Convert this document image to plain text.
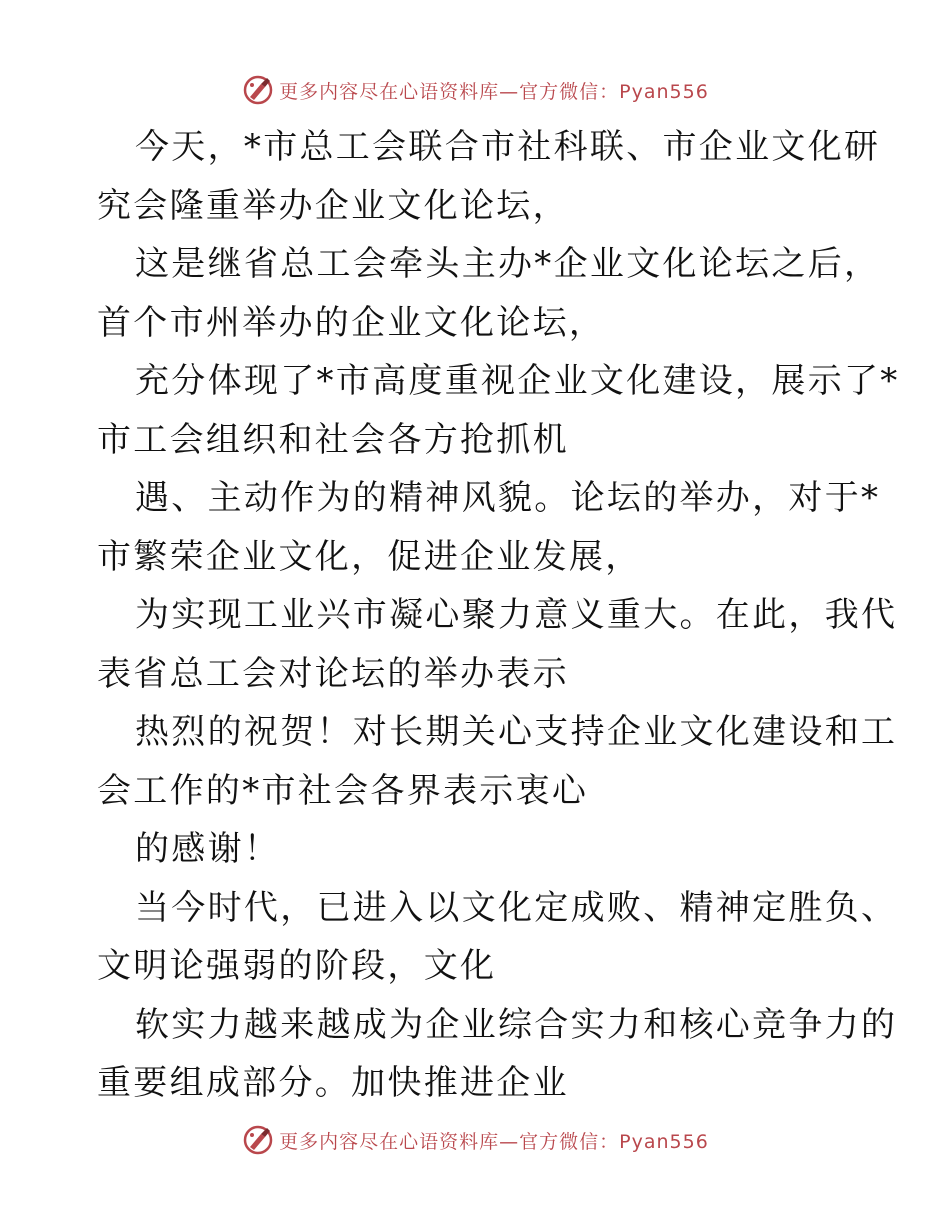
更多内容尽在心语资料库—官方微信：Pyan556

今天，*市总工会联合市社科联、市企业文化研
究会隆重举办企业文化论坛，

这是继省总工会牵头主办*企业文化论坛之后，
首个市州举办的企业文化论坛，

充分体现了*市高度重视企业文化建设，展示了*
市工会组织和社会各方抢抓机

遇、主动作为的精神风貌。论坛的举办，对于*
市繁荣企业文化，促进企业发展，

为实现工业兴市凝心聚力意义重大。在此，我代
表省总工会对论坛的举办表示

热烈的祝贺！对长期关心支持企业文化建设和工
会工作的*市社会各界表示衷心

的感谢！

当今时代，已进入以文化定成败、精神定胜负、
文明论强弱的阶段，文化

软实力越来越成为企业综合实力和核心竞争力的
重要组成部分。加快推进企业

更多内容尽在心语资料库—官方微信：Pyan556
